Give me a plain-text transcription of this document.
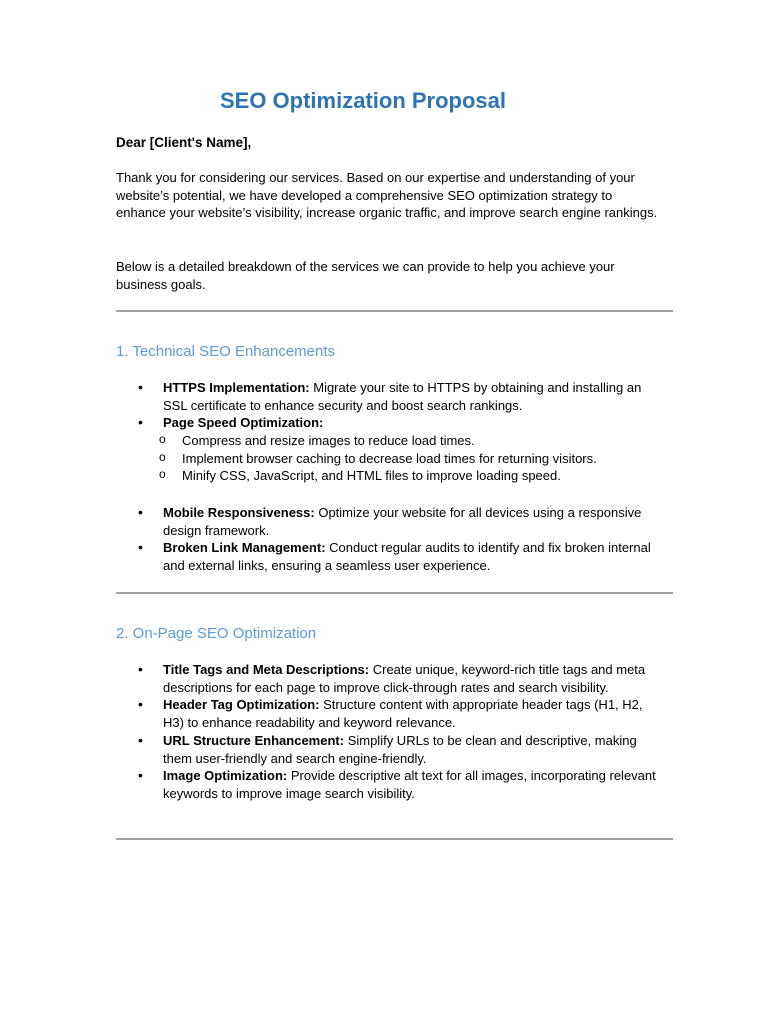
SEO Optimization Proposal
Dear [Client's Name],
Thank you for considering our services. Based on our expertise and understanding of your website’s potential, we have developed a comprehensive SEO optimization strategy to enhance your website’s visibility, increase organic traffic, and improve search engine rankings.
Below is a detailed breakdown of the services we can provide to help you achieve your business goals.
1. Technical SEO Enhancements
• HTTPS Implementation: Migrate your site to HTTPS by obtaining and installing an SSL certificate to enhance security and boost search rankings.
• Page Speed Optimization:
o Compress and resize images to reduce load times.
o Implement browser caching to decrease load times for returning visitors.
o Minify CSS, JavaScript, and HTML files to improve loading speed.
• Mobile Responsiveness: Optimize your website for all devices using a responsive design framework.
• Broken Link Management: Conduct regular audits to identify and fix broken internal and external links, ensuring a seamless user experience.
2. On-Page SEO Optimization
• Title Tags and Meta Descriptions: Create unique, keyword-rich title tags and meta descriptions for each page to improve click-through rates and search visibility.
• Header Tag Optimization: Structure content with appropriate header tags (H1, H2, H3) to enhance readability and keyword relevance.
• URL Structure Enhancement: Simplify URLs to be clean and descriptive, making them user-friendly and search engine-friendly.
• Image Optimization: Provide descriptive alt text for all images, incorporating relevant keywords to improve image search visibility.
